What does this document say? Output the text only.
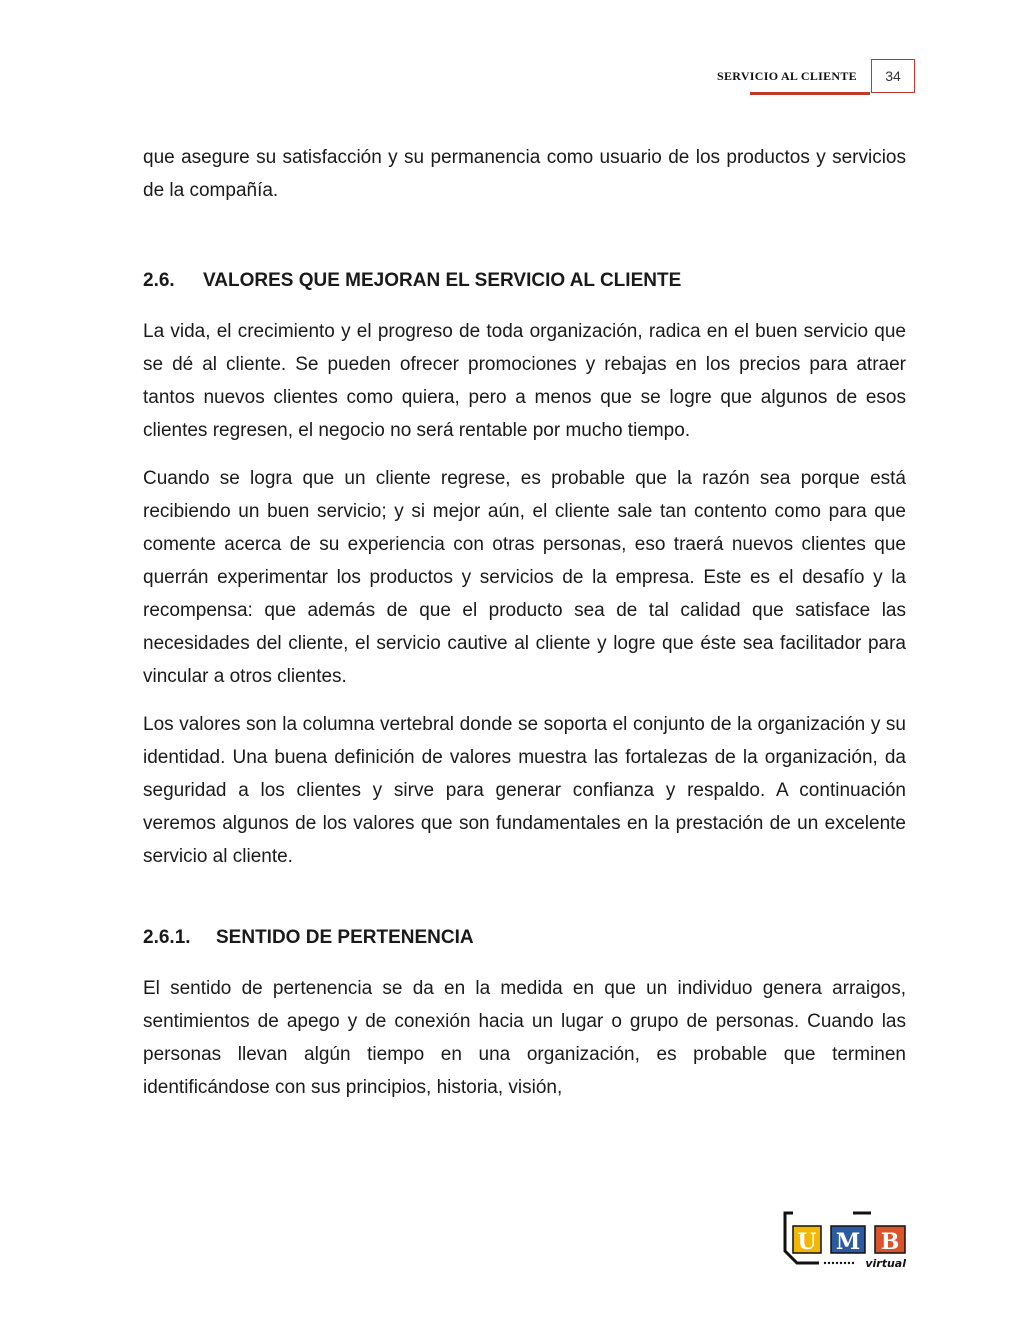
SERVICIO AL CLIENTE	34

que asegure su satisfacción y su permanencia como usuario de los productos y servicios de la compañía.

2.6.	VALORES QUE MEJORAN EL SERVICIO AL CLIENTE

La vida, el crecimiento y el progreso de toda organización, radica en el buen servicio que se dé al cliente. Se pueden ofrecer promociones y rebajas en los precios para atraer tantos nuevos clientes como quiera, pero a menos que se logre que algunos de esos clientes regresen, el negocio no será rentable por mucho tiempo.

Cuando se logra que un cliente regrese, es probable que la razón sea porque está recibiendo un buen servicio; y si mejor aún, el cliente sale tan contento como para que comente acerca de su experiencia con otras personas, eso traerá nuevos clientes que querrán experimentar los productos y servicios de la empresa. Este es el desafío y la recompensa: que además de que el producto sea de tal calidad que satisface las necesidades del cliente, el servicio cautive al cliente y logre que éste sea facilitador para vincular a otros clientes.

Los valores son la columna vertebral donde se soporta el conjunto de la organización y su identidad. Una buena definición de valores muestra las fortalezas de la organización, da seguridad a los clientes y sirve para generar confianza y respaldo. A continuación veremos algunos de los valores que son fundamentales en la prestación de un excelente servicio al cliente.

2.6.1.	SENTIDO DE PERTENENCIA

El sentido de pertenencia se da en la medida en que un individuo genera arraigos, sentimientos de apego y de conexión hacia un lugar o grupo de personas. Cuando las personas llevan algún tiempo en una organización, es probable que terminen identificándose con sus principios, historia, visión,

U M B
virtual
